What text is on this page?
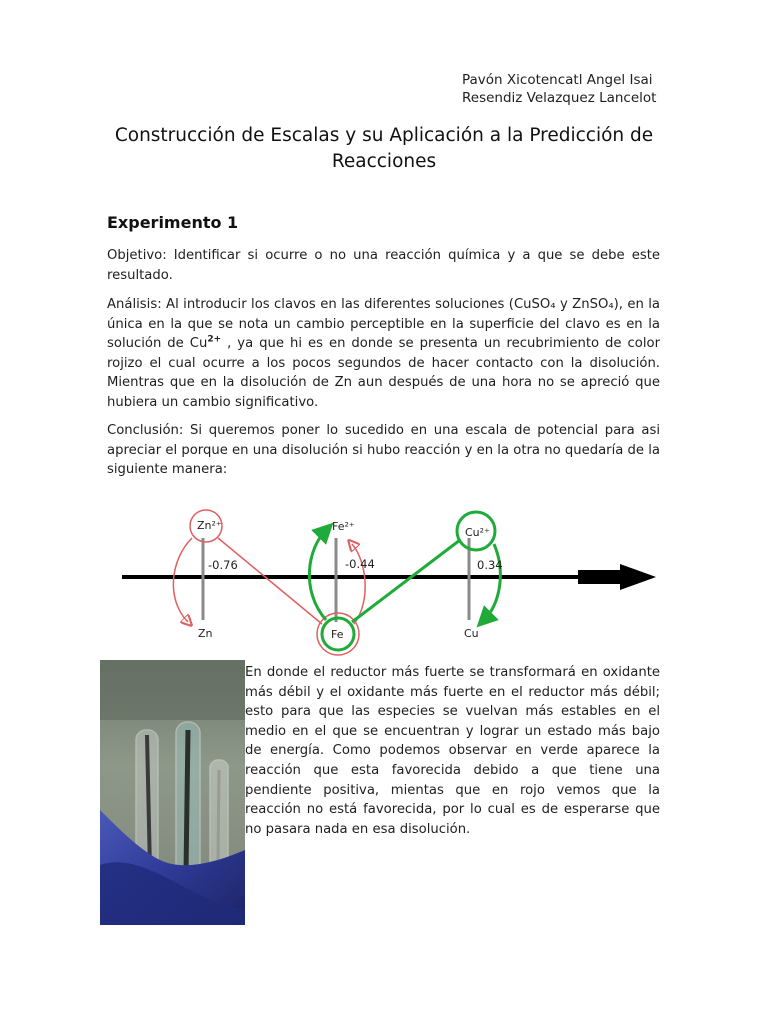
Pavón Xicotencatl Angel Isai
Resendiz Velazquez Lancelot
Construcción de Escalas y su Aplicación a la Predicción de Reacciones
Experimento 1
Objetivo: Identificar si ocurre o no una reacción química y a que se debe este resultado.
Análisis: Al introducir los clavos en las diferentes soluciones (CuSO₄ y ZnSO₄), en la única en la que se nota un cambio perceptible en la superficie del clavo es en la solución de $Cu^{2+}$ , ya que hi es en donde se presenta un recubrimiento de color rojizo el cual ocurre a los pocos segundos de hacer contacto con la disolución. Mientras que en la disolución de Zn aun después de una hora no se apreció que hubiera un cambio significativo.
Conclusión: Si queremos poner lo sucedido en una escala de potencial para asi apreciar el porque en una disolución si hubo reacción y en la otra no quedaría de la siguiente manera:
Zn²⁺	Fe²⁺	Cu²⁺
-0.76	-0.44	0.34
Zn	Fe	Cu
En donde el reductor más fuerte se transformará en oxidante más débil y el oxidante más fuerte en el reductor más débil; esto para que las especies se vuelvan más estables en el medio en el que se encuentran y lograr un estado más bajo de energía. Como podemos observar en verde aparece la reacción que esta favorecida debido a que tiene una pendiente positiva, mientas que en rojo vemos que la reacción no está favorecida, por lo cual es de esperarse que no pasara nada en esa disolución.
